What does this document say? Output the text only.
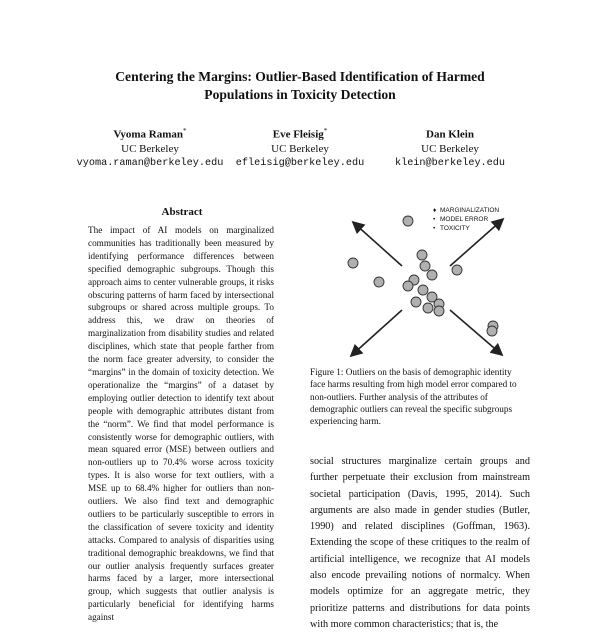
Centering the Margins: Outlier-Based Identification of Harmed
Populations in Toxicity Detection
Vyoma Raman*
UC Berkeley
vyoma.raman@berkeley.edu
Eve Fleisig*
UC Berkeley
efleisig@berkeley.edu
Dan Klein
UC Berkeley
klein@berkeley.edu
Abstract
The impact of AI models on marginalized communities has traditionally been measured by identifying performance differences between specified demographic subgroups. Though this approach aims to center vulnerable groups, it risks obscuring patterns of harm faced by intersectional subgroups or shared across multiple groups. To address this, we draw on theories of marginalization from disability studies and related disciplines, which state that people farther from the norm face greater adversity, to consider the “margins” in the domain of toxicity detection. We operationalize the “margins” of a dataset by employing outlier detection to identify text about people with demographic attributes distant from the “norm”. We find that model performance is consistently worse for demographic outliers, with mean squared error (MSE) between outliers and non-outliers up to 70.4% worse across toxicity types. It is also worse for text outliers, with a MSE up to 68.4% higher for outliers than non-outliers. We also find text and demographic outliers to be particularly susceptible to errors in the classification of severe toxicity and identity attacks. Compared to analysis of disparities using traditional demographic breakdowns, we find that our outlier analysis frequently surfaces greater harms faced by a larger, more intersectional group, which suggests that outlier analysis is particularly beneficial for identifying harms against
♦ MARGINALIZATION
• MODEL ERROR
• TOXICITY
Figure 1: Outliers on the basis of demographic identity face harms resulting from high model error compared to non-outliers. Further analysis of the attributes of demographic outliers can reveal the specific subgroups experiencing harm.
social structures marginalize certain groups and further perpetuate their exclusion from mainstream societal participation (Davis, 1995, 2014). Such arguments are also made in gender studies (Butler, 1990) and related disciplines (Goffman, 1963). Extending the scope of these critiques to the realm of artificial intelligence, we recognize that AI models also encode prevailing notions of normalcy. When models optimize for an aggregate metric, they prioritize patterns and distributions for data points with more common characteristics; that is, the
